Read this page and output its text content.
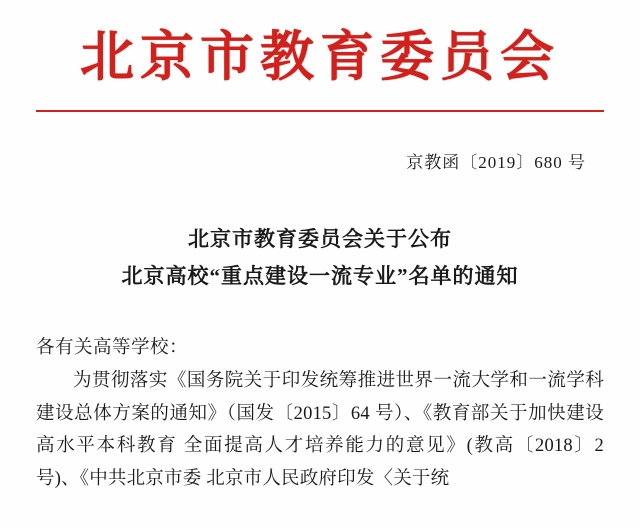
北京市教育委员会
京教函〔2019〕680 号
北京市教育委员会关于公布
北京高校“重点建设一流专业”名单的通知
各有关高等学校：

为贯彻落实《国务院关于印发统筹推进世界一流大学和一流学科建设总体方案的通知》（国发〔2015〕64 号）、《教育部关于加快建设高水平本科教育 全面提高人才培养能力的意见》(教高〔2018〕2 号)、《中共北京市委 北京市人民政府印发〈关于统
